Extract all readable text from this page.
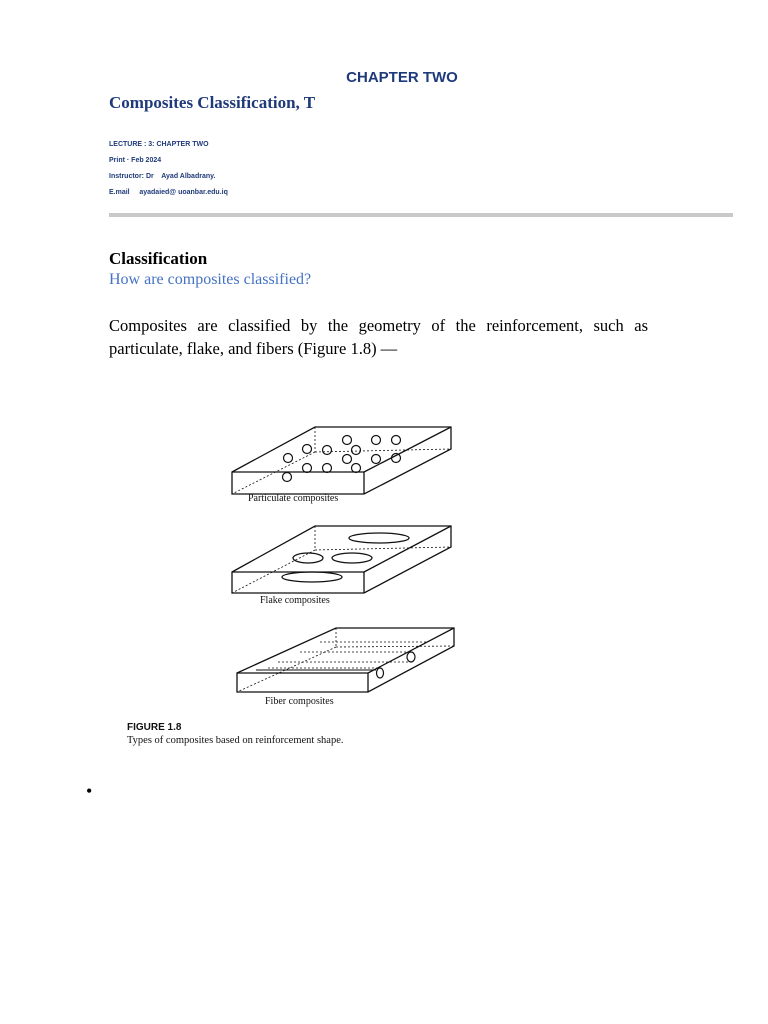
CHAPTER TWO
Composites Classification, T
LECTURE : 3: CHAPTER TWO
Print · Feb 2024
Instructor: Dr    Ayad Albadrany.
E.mail     ayadaied@ uoanbar.edu.iq
Classification
How are composites classified?
Composites are classified by the geometry of the reinforcement, such as particulate, flake, and fibers (Figure 1.8) —
Particulate composites
Flake composites
Fiber composites
FIGURE 1.8
Types of composites based on reinforcement shape.
•
